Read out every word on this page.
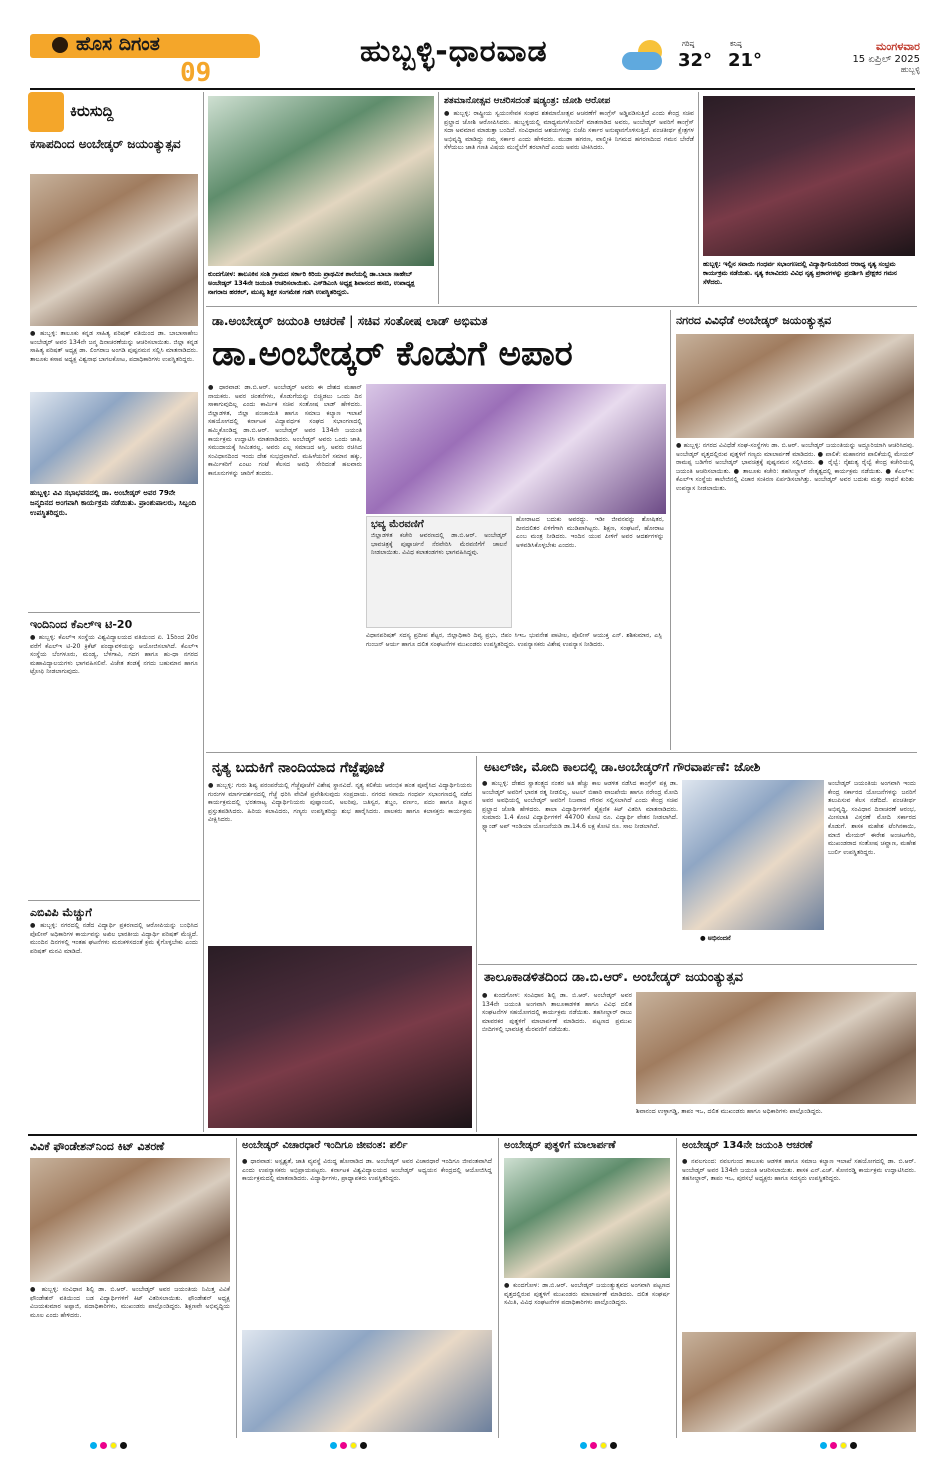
ಹೊಸ ದಿಗಂತ
09
ಹುಬ್ಬಳ್ಳಿ-ಧಾರವಾಡ	ಗರಿಷ್ಠ
32°
ಕನಿಷ್ಠ
21°
ಮಂಗಳವಾರ
15 ಏಪ್ರಿಲ್ 2025
ಹುಬ್ಬಳ್ಳಿ
ಕಿರುಸುದ್ದಿ
ಕಸಾಪದಿಂದ ಅಂಬೇಡ್ಕರ್ ಜಯಂತ್ಯುತ್ಸವ
● ಹುಬ್ಬಳ್ಳಿ: ತಾಲೂಕು ಕನ್ನಡ ಸಾಹಿತ್ಯ ಪರಿಷತ್ ವತಿಯಿಂದ ಡಾ. ಬಾಬಾಸಾಹೇಬ ಅಂಬೇಡ್ಕರ್ ಅವರ 134ನೇ ಜನ್ಮ ದಿನಾಚರಣೆಯನ್ನು ಆಚರಿಸಲಾಯಿತು. ಜಿಲ್ಲಾ ಕನ್ನಡ ಸಾಹಿತ್ಯ ಪರಿಷತ್ ಅಧ್ಯಕ್ಷ ಡಾ. ಲಿಂಗರಾಜ ಅಂಗಡಿ ಪುಷ್ಪನಮನ ಸಲ್ಲಿಸಿ ಮಾತನಾಡಿದರು. ತಾಲೂಕು ಕಸಾಪ ಅಧ್ಯಕ್ಷ ವಿಶ್ವನಾಥ ಬಾಗಲಕೋಟ, ಪದಾಧಿಕಾರಿಗಳು ಉಪಸ್ಥಿತರಿದ್ದರು.
ಹುಬ್ಬಳ್ಳಿ: ವಿವಿ ಸಭಾಭವನದಲ್ಲಿ ಡಾ. ಅಂಬೇಡ್ಕರ್ ಅವರ 79ನೇ ಜನ್ಮದಿನದ ಅಂಗವಾಗಿ ಕಾರ್ಯಕ್ರಮ ನಡೆಯಿತು. ಪ್ರಾಂಶುಪಾಲರು, ಸಿಬ್ಬಂದಿ ಉಪಸ್ಥಿತರಿದ್ದರು.
ಇಂದಿನಿಂದ ಕೆಎಲ್‌ಇ ಟಿ-20
● ಹುಬ್ಬಳ್ಳಿ: ಕೆಎಲ್‌ಇ ಸಂಸ್ಥೆಯ ವಿಶ್ವವಿದ್ಯಾಲಯದ ವತಿಯಿಂದ ಏ. 15ರಿಂದ 20ರ ವರೆಗೆ ಕೆಎಲ್‌ಇ ಟಿ-20 ಕ್ರಿಕೆಟ್ ಪಂದ್ಯಾವಳಿಯನ್ನು ಆಯೋಜಿಸಲಾಗಿದೆ. ಕೆಎಲ್‌ಇ ಸಂಸ್ಥೆಯ ಬೆಂಗಳೂರು, ಮಂಡ್ಯ, ಬೆಳಗಾವಿ, ಗದಗ ಹಾಗೂ ಹು-ಧಾ ನಗರದ ಮಹಾವಿದ್ಯಾಲಯಗಳು ಭಾಗವಹಿಸಲಿವೆ. ವಿಜೇತ ತಂಡಕ್ಕೆ ನಗದು ಬಹುಮಾನ ಹಾಗೂ ಟ್ರೋಫಿ ನೀಡಲಾಗುವುದು.
ಎಬಿವಿಪಿ ಮೆಚ್ಚುಗೆ
● ಹುಬ್ಬಳ್ಳಿ: ನಗರದಲ್ಲಿ ನಡೆದ ವಿದ್ಯಾರ್ಥಿ ಪ್ರಕರಣದಲ್ಲಿ ಆರೋಪಿಯನ್ನು ಬಂಧಿಸಿದ ಪೊಲೀಸ್ ಅಧಿಕಾರಿಗಳ ಕಾರ್ಯವನ್ನು ಅಖಿಲ ಭಾರತೀಯ ವಿದ್ಯಾರ್ಥಿ ಪರಿಷತ್ ಮೆಚ್ಚಿದೆ. ಮುಂದಿನ ದಿನಗಳಲ್ಲಿ ಇಂತಹ ಘಟನೆಗಳು ಮರುಕಳಿಸದಂತೆ ಕ್ರಮ ಕೈಗೊಳ್ಳಬೇಕು ಎಂದು ಪರಿಷತ್ ಮನವಿ ಮಾಡಿದೆ.
ಕುಂದಗೋಳ: ತಾಲೂಕಿನ ಸಂಶಿ ಗ್ರಾಮದ ಸರ್ಕಾರಿ ಕಿರಿಯ ಪ್ರಾಥಮಿಕ ಶಾಲೆಯಲ್ಲಿ ಡಾ.ಬಾಬಾ ಸಾಹೇಬ್ ಅಂಬೇಡ್ಕರ್ 134ನೇ ಜಯಂತಿ ಆಚರಿಸಲಾಯಿತು. ಎಸ್‌ಡಿಎಂಸಿ ಅಧ್ಯಕ್ಷ ಶಿವಾನಂದ ಹಸಬಿ, ಉಪಾಧ್ಯಕ್ಷ ನಾಗರಾಜ ಹರಕಲ್, ಮುಖ್ಯ ಶಿಕ್ಷಕ ಸಂಗಮೇಶ ಗಡಗಿ ಉಪಸ್ಥಿತರಿದ್ದರು.
ಶತಮಾನೋತ್ಸವ ಆಚರಿಸದಂತೆ ಷಡ್ಯಂತ್ರ: ಜೋಶಿ ಆರೋಪ
● ಹುಬ್ಬಳ್ಳಿ: ರಾಷ್ಟ್ರೀಯ ಸ್ವಯಂಸೇವಕ ಸಂಘದ ಶತಮಾನೋತ್ಸವ ಆಚರಣೆಗೆ ಕಾಂಗ್ರೆಸ್ ಅಡ್ಡಿಪಡಿಸುತ್ತಿದೆ ಎಂದು ಕೇಂದ್ರ ಸಚಿವ ಪ್ರಲ್ಹಾದ ಜೋಶಿ ಆರೋಪಿಸಿದರು. ಹುಬ್ಬಳ್ಳಿಯಲ್ಲಿ ಮಾಧ್ಯಮಗಳೊಂದಿಗೆ ಮಾತನಾಡಿದ ಅವರು, ಅಂಬೇಡ್ಕರ್ ಅವರಿಗೆ ಕಾಂಗ್ರೆಸ್ ಸದಾ ಅವಮಾನ ಮಾಡುತ್ತಾ ಬಂದಿದೆ. ಸಂವಿಧಾನದ ಆಶಯಗಳನ್ನು ಬಿಜೆಪಿ ಸರ್ಕಾರ ಅನುಷ್ಠಾನಗೊಳಿಸುತ್ತಿದೆ. ಪಂಚತೀರ್ಥ ಕ್ಷೇತ್ರಗಳ ಅಭಿವೃದ್ಧಿ ಮಾಡಿದ್ದು ನಮ್ಮ ಸರ್ಕಾರ ಎಂದು ಹೇಳಿದರು. ಮುಡಾ ಹಗರಣ, ವಾಲ್ಮೀಕಿ ನಿಗಮದ ಹಗರಣದಿಂದ ಗಮನ ಬೇರೆಡೆ ಸೆಳೆಯಲು ಜಾತಿ ಗಣತಿ ವಿಷಯ ಮುನ್ನೆಲೆಗೆ ತರಲಾಗಿದೆ ಎಂದು ಅವರು ಟೀಕಿಸಿದರು.
ಹುಬ್ಬಳ್ಳಿ: ಇಲ್ಲಿನ ಸವಾಯಿ ಗಂಧರ್ವ ಸಭಾಂಗಣದಲ್ಲಿ ವಿದ್ಯಾರ್ಥಿನಿಯರಿಂದ ಆರಾಧ್ಯ ನೃತ್ಯ ಸಂಭ್ರಮ ಕಾರ್ಯಕ್ರಮ ನಡೆಯಿತು. ನೃತ್ಯ ಕಲಾವಿದರು ವಿವಿಧ ನೃತ್ಯ ಪ್ರಕಾರಗಳನ್ನು ಪ್ರದರ್ಶಿಸಿ ಪ್ರೇಕ್ಷಕರ ಗಮನ ಸೆಳೆದರು.
ಡಾ.ಅಂಬೇಡ್ಕರ್ ಜಯಂತಿ ಆಚರಣೆ | ಸಚಿವ ಸಂತೋಷ ಲಾಡ್ ಅಭಿಮತ
ಡಾ.ಅಂಬೇಡ್ಕರ್ ಕೊಡುಗೆ ಅಪಾರ
● ಧಾರವಾಡ: ಡಾ.ಬಿ.ಆರ್. ಅಂಬೇಡ್ಕರ್ ಅವರು ಈ ದೇಶದ ಮಹಾನ್ ನಾಯಕರು. ಅವರ ಚಿಂತನೆಗಳು, ಕೊಡುಗೆಯನ್ನು ಬಿಚ್ಚಿಡಲು ಒಂದು ದಿನ ಸಾಕಾಗುವುದಿಲ್ಲ ಎಂದು ಕಾರ್ಮಿಕ ಸಚಿವ ಸಂತೋಷ ಲಾಡ್ ಹೇಳಿದರು. ಜಿಲ್ಲಾಡಳಿತ, ಜಿಲ್ಲಾ ಪಂಚಾಯಿತಿ ಹಾಗೂ ಸಮಾಜ ಕಲ್ಯಾಣ ಇಲಾಖೆ ಸಹಯೋಗದಲ್ಲಿ ಕರ್ನಾಟಕ ವಿದ್ಯಾವರ್ಧಕ ಸಂಘದ ಸಭಾಂಗಣದಲ್ಲಿ ಹಮ್ಮಿಕೊಂಡಿದ್ದ ಡಾ.ಬಿ.ಆರ್. ಅಂಬೇಡ್ಕರ್ ಅವರ 134ನೇ ಜಯಂತಿ ಕಾರ್ಯಕ್ರಮ ಉದ್ಘಾಟಿಸಿ ಮಾತನಾಡಿದರು. ಅಂಬೇಡ್ಕರ್ ಅವರು ಒಂದು ಜಾತಿ, ಸಮುದಾಯಕ್ಕೆ ಸೀಮಿತರಲ್ಲ. ಅವರು ಎಲ್ಲ ಸಮಾಜದ ಆಸ್ತಿ. ಅವರು ರಚಿಸಿದ ಸಂವಿಧಾನದಿಂದ ಇಂದು ದೇಶ ಸುಭದ್ರವಾಗಿದೆ. ಮಹಿಳೆಯರಿಗೆ ಸಮಾನ ಹಕ್ಕು, ಕಾರ್ಮಿಕರಿಗೆ ಎಂಟು ಗಂಟೆ ಕೆಲಸದ ಅವಧಿ ಸೇರಿದಂತೆ ಹಲವಾರು ಕಾನೂನುಗಳನ್ನು ಜಾರಿಗೆ ತಂದರು.
ಭವ್ಯ ಮೆರವಣಿಗೆ
ಜಿಲ್ಲಾಡಳಿತ ಕಚೇರಿ ಆವರಣದಲ್ಲಿ ಡಾ.ಬಿ.ಆರ್. ಅಂಬೇಡ್ಕರ್ ಭಾವಚಿತ್ರಕ್ಕೆ ಪುಷ್ಪಾರ್ಚನೆ ನೆರವೇರಿಸಿ ಮೆರವಣಿಗೆಗೆ ಚಾಲನೆ ನೀಡಲಾಯಿತು. ವಿವಿಧ ಕಲಾತಂಡಗಳು ಭಾಗವಹಿಸಿದ್ದವು.
ಹೋರಾಟದ ಬದುಕು ಅವರದ್ದು. ಇಡೀ ಜೀವನವನ್ನು ಶೋಷಿತರ, ದೀನದಲಿತರ ಏಳಿಗೆಗಾಗಿ ಮುಡಿಪಾಗಿಟ್ಟರು. ಶಿಕ್ಷಣ, ಸಂಘಟನೆ, ಹೋರಾಟ ಎಂಬ ಮಂತ್ರ ನೀಡಿದರು. ಇಂದಿನ ಯುವ ಪೀಳಿಗೆ ಅವರ ಆದರ್ಶಗಳನ್ನು ಅಳವಡಿಸಿಕೊಳ್ಳಬೇಕು ಎಂದರು.
ವಿಧಾನಪರಿಷತ್ ಸದಸ್ಯ ಪ್ರದೀಪ ಶೆಟ್ಟರ, ಜಿಲ್ಲಾಧಿಕಾರಿ ದಿವ್ಯ ಪ್ರಭು, ಜಿಪಂ ಸಿಇಒ ಭುವನೇಶ ಪಾಟೀಲ, ಪೊಲೀಸ್ ಆಯುಕ್ತ ಎನ್. ಶಶಿಕುಮಾರ, ಎಸ್ಪಿ ಗುಂಜನ್ ಆರ್ಯ ಹಾಗೂ ದಲಿತ ಸಂಘಟನೆಗಳ ಮುಖಂಡರು ಉಪಸ್ಥಿತರಿದ್ದರು. ಉಪನ್ಯಾಸಕರು ವಿಶೇಷ ಉಪನ್ಯಾಸ ನೀಡಿದರು.
ನಗರದ ವಿವಿಧೆಡೆ ಅಂಬೇಡ್ಕರ್ ಜಯಂತ್ಯುತ್ಸವ
● ಹುಬ್ಬಳ್ಳಿ: ನಗರದ ವಿವಿಧೆಡೆ ಸಂಘ-ಸಂಸ್ಥೆಗಳು ಡಾ. ಬಿ.ಆರ್. ಅಂಬೇಡ್ಕರ್ ಜಯಂತಿಯನ್ನು ಅದ್ದೂರಿಯಾಗಿ ಆಚರಿಸಿದವು. ಅಂಬೇಡ್ಕರ್ ವೃತ್ತದಲ್ಲಿರುವ ಪುತ್ಥಳಿಗೆ ಗಣ್ಯರು ಮಾಲಾರ್ಪಣೆ ಮಾಡಿದರು. ● ಪಾಲಿಕೆ: ಮಹಾನಗರ ಪಾಲಿಕೆಯಲ್ಲಿ ಮೇಯರ್ ರಾಮಪ್ಪ ಬಡಿಗೇರ ಅಂಬೇಡ್ಕರ್ ಭಾವಚಿತ್ರಕ್ಕೆ ಪುಷ್ಪನಮನ ಸಲ್ಲಿಸಿದರು. ● ರೈಲ್ವೆ: ನೈಋತ್ಯ ರೈಲ್ವೆ ಕೇಂದ್ರ ಕಚೇರಿಯಲ್ಲಿ ಜಯಂತಿ ಆಚರಿಸಲಾಯಿತು. ● ತಾಲೂಕು ಕಚೇರಿ: ತಹಸೀಲ್ದಾರ್ ನೇತೃತ್ವದಲ್ಲಿ ಕಾರ್ಯಕ್ರಮ ನಡೆಯಿತು. ● ಕೆಎಲ್‌ಇ: ಕೆಎಲ್‌ಇ ಸಂಸ್ಥೆಯ ಕಾಲೇಜಿನಲ್ಲಿ ವಿಚಾರ ಸಂಕಿರಣ ಏರ್ಪಡಿಸಲಾಗಿತ್ತು. ಅಂಬೇಡ್ಕರ್ ಅವರ ಬದುಕು ಮತ್ತು ಸಾಧನೆ ಕುರಿತು ಉಪನ್ಯಾಸ ನೀಡಲಾಯಿತು.
ನೃತ್ಯ ಬದುಕಿಗೆ ನಾಂದಿಯಾದ ಗೆಜ್ಜೆಪೂಜೆ
● ಹುಬ್ಬಳ್ಳಿ: ಗುರು ಶಿಷ್ಯ ಪರಂಪರೆಯಲ್ಲಿ ಗೆಜ್ಜೆಪೂಜೆಗೆ ವಿಶೇಷ ಸ್ಥಾನವಿದೆ. ನೃತ್ಯ ಕಲಿಕೆಯ ಆರಂಭಿಕ ಹಂತ ಪೂರೈಸಿದ ವಿದ್ಯಾರ್ಥಿನಿಯರು ಗುರುಗಳ ಮಾರ್ಗದರ್ಶನದಲ್ಲಿ ಗೆಜ್ಜೆ ಧರಿಸಿ ವೇದಿಕೆ ಪ್ರವೇಶಿಸುವುದು ಸಂಪ್ರದಾಯ. ನಗರದ ಸವಾಯಿ ಗಂಧರ್ವ ಸಭಾಂಗಣದಲ್ಲಿ ನಡೆದ ಕಾರ್ಯಕ್ರಮದಲ್ಲಿ ಭರತನಾಟ್ಯ ವಿದ್ಯಾರ್ಥಿನಿಯರು ಪುಷ್ಪಾಂಜಲಿ, ಅಲರಿಪು, ಜತಿಸ್ವರ, ಶಬ್ದಂ, ವರ್ಣಂ, ಪದಂ ಹಾಗೂ ತಿಲ್ಲಾನ ಪ್ರಸ್ತುತಪಡಿಸಿದರು. ಹಿರಿಯ ಕಲಾವಿದರು, ಗಣ್ಯರು ಉಪಸ್ಥಿತರಿದ್ದು ಶುಭ ಹಾರೈಸಿದರು. ಪಾಲಕರು ಹಾಗೂ ಕಲಾಸಕ್ತರು ಕಾರ್ಯಕ್ರಮ ವೀಕ್ಷಿಸಿದರು.
ಅಟಲ್‌ಜೀ, ಮೋದಿ ಕಾಲದಲ್ಲಿ ಡಾ.ಅಂಬೇಡ್ಕರ್‌ಗೆ ಗೌರವಾರ್ಪಣೆ: ಜೋಶಿ
● ಹುಬ್ಬಳ್ಳಿ: ದೇಶದ ಸ್ವಾತಂತ್ರ್ಯದ ನಂತರ ಅತಿ ಹೆಚ್ಚು ಕಾಲ ಆಡಳಿತ ನಡೆಸಿದ ಕಾಂಗ್ರೆಸ್ ಪಕ್ಷ ಡಾ. ಅಂಬೇಡ್ಕರ್ ಅವರಿಗೆ ಭಾರತ ರತ್ನ ನೀಡಲಿಲ್ಲ. ಅಟಲ್ ಬಿಹಾರಿ ವಾಜಪೇಯಿ ಹಾಗೂ ನರೇಂದ್ರ ಮೋದಿ ಅವರ ಅವಧಿಯಲ್ಲಿ ಅಂಬೇಡ್ಕರ್ ಅವರಿಗೆ ನಿಜವಾದ ಗೌರವ ಸಲ್ಲಿಸಲಾಗಿದೆ ಎಂದು ಕೇಂದ್ರ ಸಚಿವ ಪ್ರಲ್ಹಾದ ಜೋಶಿ ಹೇಳಿದರು. ಶಾಲಾ ವಿದ್ಯಾರ್ಥಿಗಳಿಗೆ ಶೈಕ್ಷಣಿಕ ಕಿಟ್ ವಿತರಿಸಿ ಮಾತನಾಡಿದರು. ಸುಮಾರು 1.4 ಕೋಟಿ ವಿದ್ಯಾರ್ಥಿಗಳಿಗೆ 44700 ಕೋಟಿ ರೂ. ವಿದ್ಯಾರ್ಥಿ ವೇತನ ನೀಡಲಾಗಿದೆ. ಸ್ಟ್ಯಾಂಡ್ ಅಪ್ ಇಂಡಿಯಾ ಯೋಜನೆಯಡಿ ಡಾ.14.6 ಲಕ್ಷ ಕೋಟಿ ರೂ. ಸಾಲ ನೀಡಲಾಗಿದೆ.
ಅಂಬೇಡ್ಕರ್ ಜಯಂತಿಯ ಅಂಗವಾಗಿ ಇಂದು ಕೇಂದ್ರ ಸರ್ಕಾರದ ಯೋಜನೆಗಳನ್ನು ಜನರಿಗೆ ತಲುಪಿಸುವ ಕೆಲಸ ನಡೆದಿದೆ. ಪಂಚತೀರ್ಥ ಅಭಿವೃದ್ಧಿ, ಸಂವಿಧಾನ ದಿನಾಚರಣೆ ಆರಂಭ, ಮೀಸಲಾತಿ ವಿಸ್ತರಣೆ ಮೋದಿ ಸರ್ಕಾರದ ಕೊಡುಗೆ. ಶಾಸಕ ಮಹೇಶ ಟೆಂಗಿನಕಾಯಿ, ಮಾಜಿ ಮೇಯರ್ ಈರೇಶ ಅಂಚಟಗೇರಿ, ಮುಖಂಡರಾದ ಸಂತೋಷ ಚವ್ಹಾಣ, ಮಹೇಶ ಬುರ್ಲಿ ಉಪಸ್ಥಿತರಿದ್ದರು.
● ಅಭಿನಂದನೆ
ತಾಲೂಕಾಡಳಿತದಿಂದ ಡಾ.ಬಿ.ಆರ್. ಅಂಬೇಡ್ಕರ್ ಜಯಂತ್ಯುತ್ಸವ
● ಕುಂದಗೋಳ: ಸಂವಿಧಾನ ಶಿಲ್ಪಿ ಡಾ. ಬಿ.ಆರ್. ಅಂಬೇಡ್ಕರ್ ಅವರ 134ನೇ ಜಯಂತಿ ಅಂಗವಾಗಿ ತಾಲೂಕಾಡಳಿತ ಹಾಗೂ ವಿವಿಧ ದಲಿತ ಸಂಘಟನೆಗಳ ಸಹಯೋಗದಲ್ಲಿ ಕಾರ್ಯಕ್ರಮ ನಡೆಯಿತು. ತಹಸೀಲ್ದಾರ್ ರಾಜು ಮಾವರಕರ ಪುತ್ಥಳಿಗೆ ಮಾಲಾರ್ಪಣೆ ಮಾಡಿದರು. ಪಟ್ಟಣದ ಪ್ರಮುಖ ಬೀದಿಗಳಲ್ಲಿ ಭಾವಚಿತ್ರ ಮೆರವಣಿಗೆ ನಡೆಯಿತು.
ಶಿವಾನಂದ ಉಳ್ಳಾಗಡ್ಡಿ, ತಾಪಂ ಇಒ, ದಲಿತ ಮುಖಂಡರು ಹಾಗೂ ಅಧಿಕಾರಿಗಳು ಪಾಲ್ಗೊಂಡಿದ್ದರು.
ವಿವಿಕೆ ಫೌಂಡೇಶನ್‌ನಿಂದ ಕಿಟ್ ವಿತರಣೆ
● ಹುಬ್ಬಳ್ಳಿ: ಸಂವಿಧಾನ ಶಿಲ್ಪಿ ಡಾ. ಬಿ.ಆರ್. ಅಂಬೇಡ್ಕರ್ ಅವರ ಜಯಂತಿಯ ನಿಮಿತ್ತ ವಿವಿಕೆ ಫೌಂಡೇಶನ್ ವತಿಯಿಂದ ಬಡ ವಿದ್ಯಾರ್ಥಿಗಳಿಗೆ ಕಿಟ್ ವಿತರಿಸಲಾಯಿತು. ಫೌಂಡೇಶನ್ ಅಧ್ಯಕ್ಷ ವಿಜಯಕುಮಾರ ಅಪ್ಪಾಜಿ, ಪದಾಧಿಕಾರಿಗಳು, ಮುಖಂಡರು ಪಾಲ್ಗೊಂಡಿದ್ದರು. ಶಿಕ್ಷಣವೇ ಅಭಿವೃದ್ಧಿಯ ಮೂಲ ಎಂದು ಹೇಳಿದರು.
ಅಂಬೇಡ್ಕರ್ ವಿಚಾರಧಾರೆ ಇಂದಿಗೂ ಜೀವಂತ: ಪರ್ಲಿ
● ಧಾರವಾಡ: ಅಸ್ಪೃಶ್ಯತೆ, ಜಾತಿ ವ್ಯವಸ್ಥೆ ವಿರುದ್ಧ ಹೋರಾಡಿದ ಡಾ. ಅಂಬೇಡ್ಕರ್ ಅವರ ವಿಚಾರಧಾರೆ ಇಂದಿಗೂ ಜೀವಂತವಾಗಿದೆ ಎಂದು ಉಪನ್ಯಾಸಕರು ಅಭಿಪ್ರಾಯಪಟ್ಟರು. ಕರ್ನಾಟಕ ವಿಶ್ವವಿದ್ಯಾಲಯದ ಅಂಬೇಡ್ಕರ್ ಅಧ್ಯಯನ ಕೇಂದ್ರದಲ್ಲಿ ಆಯೋಜಿಸಿದ್ದ ಕಾರ್ಯಕ್ರಮದಲ್ಲಿ ಮಾತನಾಡಿದರು. ವಿದ್ಯಾರ್ಥಿಗಳು, ಪ್ರಾಧ್ಯಾಪಕರು ಉಪಸ್ಥಿತರಿದ್ದರು.
ಅಂಬೇಡ್ಕರ್ ಪುತ್ಥಳಿಗೆ ಮಾಲಾರ್ಪಣೆ
● ಕುಂದಗೋಳ: ಡಾ.ಬಿ.ಆರ್. ಅಂಬೇಡ್ಕರ್ ಜಯಂತ್ಯುತ್ಸವದ ಅಂಗವಾಗಿ ಪಟ್ಟಣದ ವೃತ್ತದಲ್ಲಿರುವ ಪುತ್ಥಳಿಗೆ ಮುಖಂಡರು ಮಾಲಾರ್ಪಣೆ ಮಾಡಿದರು. ದಲಿತ ಸಂಘರ್ಷ ಸಮಿತಿ, ವಿವಿಧ ಸಂಘಟನೆಗಳ ಪದಾಧಿಕಾರಿಗಳು ಪಾಲ್ಗೊಂಡಿದ್ದರು.
ಅಂಬೇಡ್ಕರ್ 134ನೇ ಜಯಂತಿ ಆಚರಣೆ
● ನವಲಗುಂದ: ನವಲಗುಂದ ತಾಲೂಕು ಆಡಳಿತ ಹಾಗೂ ಸಮಾಜ ಕಲ್ಯಾಣ ಇಲಾಖೆ ಸಹಯೋಗದಲ್ಲಿ ಡಾ. ಬಿ.ಆರ್. ಅಂಬೇಡ್ಕರ್ ಅವರ 134ನೇ ಜಯಂತಿ ಆಚರಿಸಲಾಯಿತು. ಶಾಸಕ ಎನ್.ಎಚ್. ಕೋನರಡ್ಡಿ ಕಾರ್ಯಕ್ರಮ ಉದ್ಘಾಟಿಸಿದರು. ತಹಸೀಲ್ದಾರ್, ತಾಪಂ ಇಒ, ಪುರಸಭೆ ಅಧ್ಯಕ್ಷರು ಹಾಗೂ ಸದಸ್ಯರು ಉಪಸ್ಥಿತರಿದ್ದರು.
